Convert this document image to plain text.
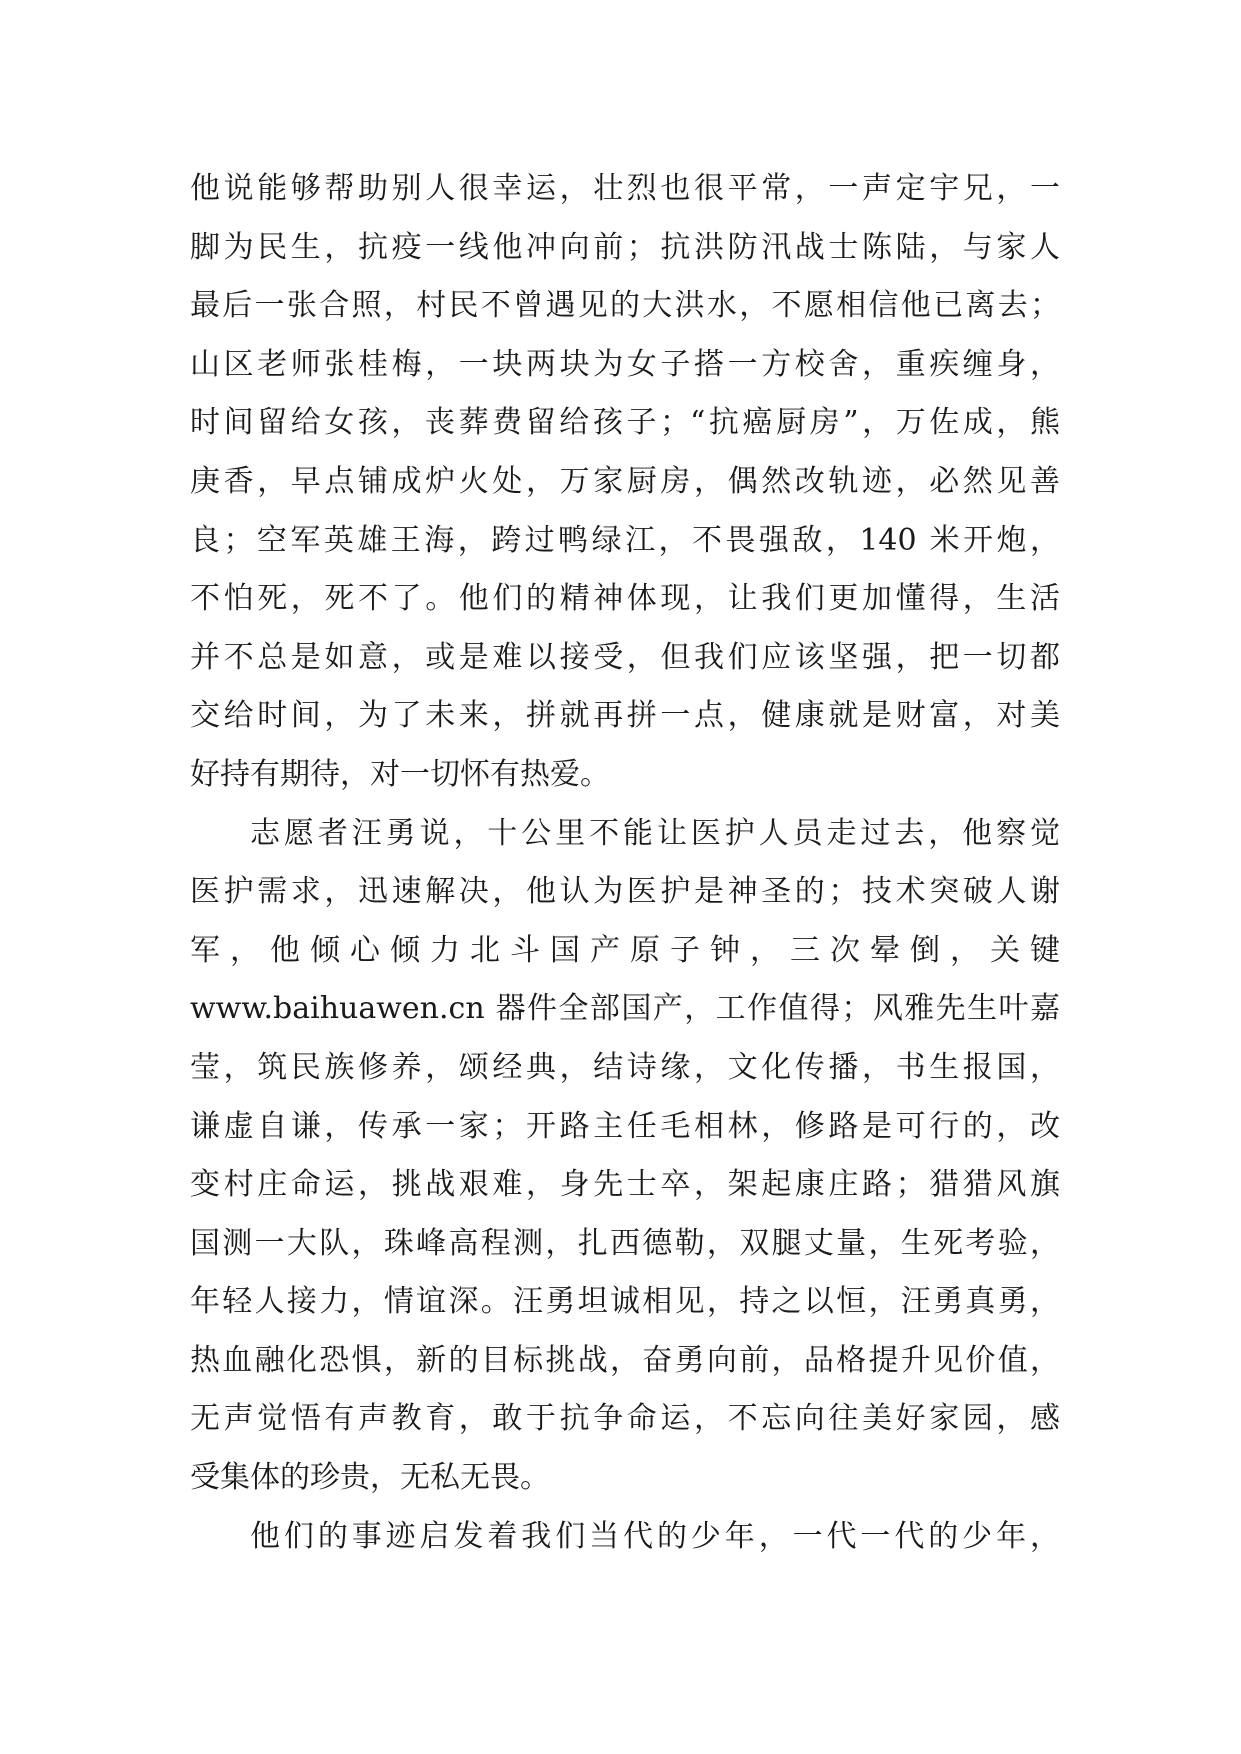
他说能够帮助别人很幸运，壮烈也很平常，一声定宇兄，一
脚为民生，抗疫一线他冲向前；抗洪防汛战士陈陆，与家人
最后一张合照，村民不曾遇见的大洪水，不愿相信他已离去；
山区老师张桂梅，一块两块为女子搭一方校舍，重疾缠身，
时间留给女孩，丧葬费留给孩子；“抗癌厨房”，万佐成，熊
庚香，早点铺成炉火处，万家厨房，偶然改轨迹，必然见善
良；空军英雄王海，跨过鸭绿江，不畏强敌，140 米开炮，
不怕死，死不了。他们的精神体现，让我们更加懂得，生活
并不总是如意，或是难以接受，但我们应该坚强，把一切都
交给时间，为了未来，拼就再拼一点，健康就是财富，对美
好持有期待，对一切怀有热爱。
志愿者汪勇说，十公里不能让医护人员走过去，他察觉
医护需求，迅速解决，他认为医护是神圣的；技术突破人谢
军，他倾心倾力北斗国产原子钟，三次晕倒，关键
www.baihuawen.cn 器件全部国产，工作值得；风雅先生叶嘉
莹，筑民族修养，颂经典，结诗缘，文化传播，书生报国，
谦虚自谦，传承一家；开路主任毛相林，修路是可行的，改
变村庄命运，挑战艰难，身先士卒，架起康庄路；猎猎风旗
国测一大队，珠峰高程测，扎西德勒，双腿丈量，生死考验，
年轻人接力，情谊深。汪勇坦诚相见，持之以恒，汪勇真勇，
热血融化恐惧，新的目标挑战，奋勇向前，品格提升见价值，
无声觉悟有声教育，敢于抗争命运，不忘向往美好家园，感
受集体的珍贵，无私无畏。
他们的事迹启发着我们当代的少年，一代一代的少年，
